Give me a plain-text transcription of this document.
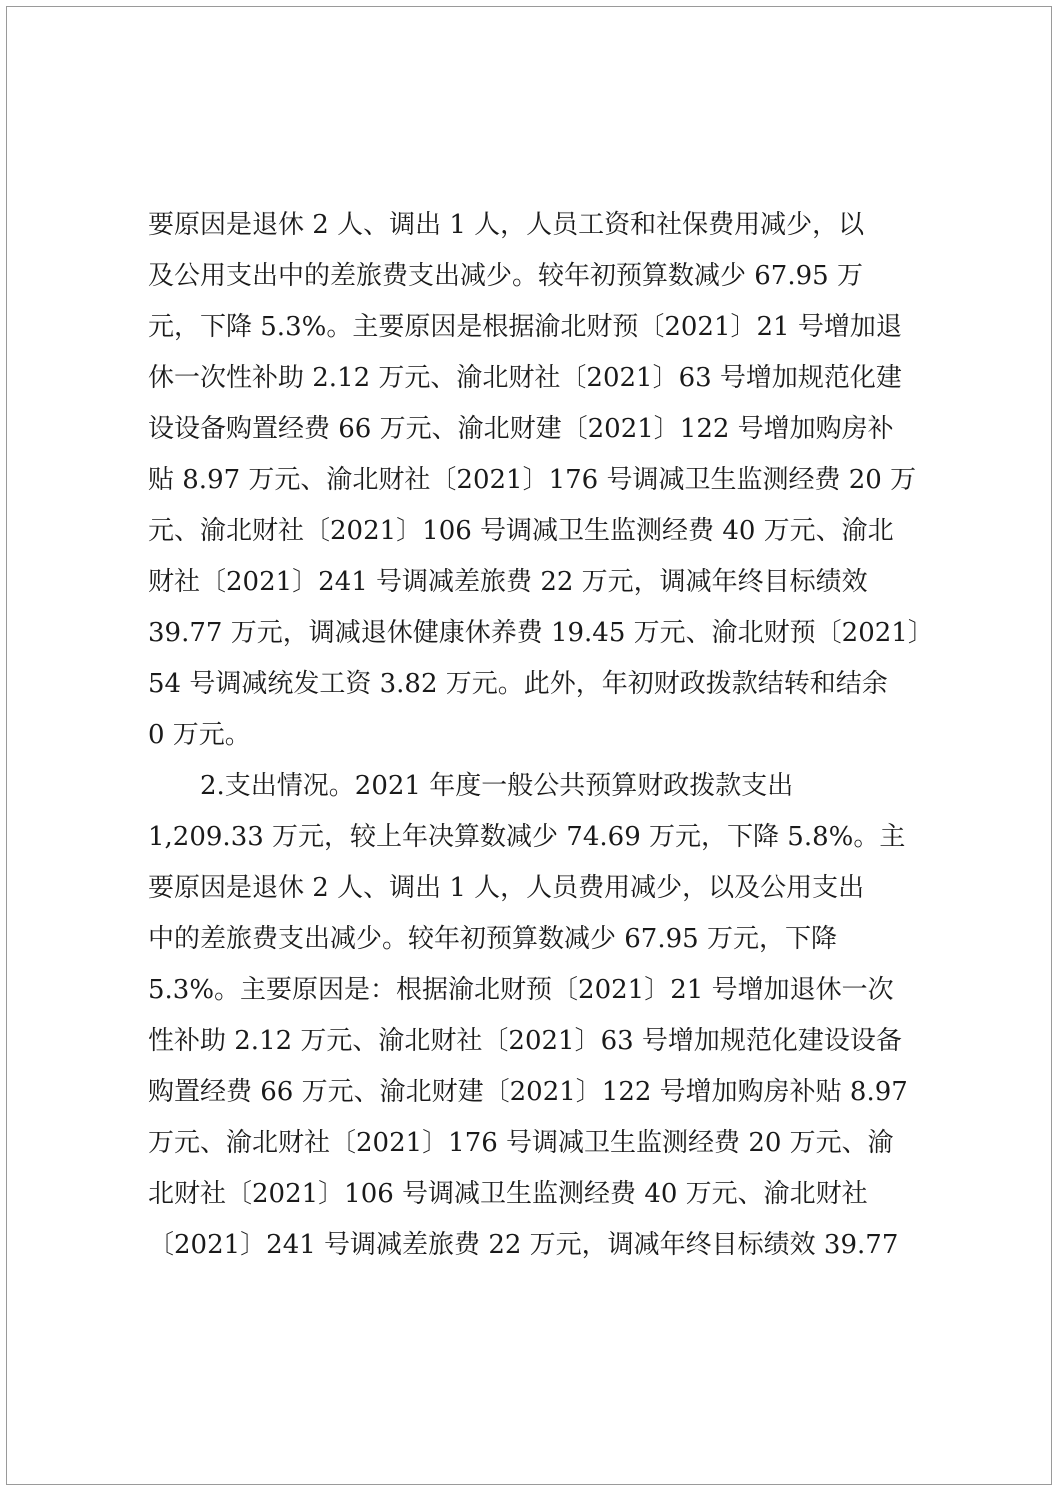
要原因是退休 2 人、调出 1 人，人员工资和社保费用减少，以
及公用支出中的差旅费支出减少。较年初预算数减少 67.95 万
元，下降 5.3%。主要原因是根据渝北财预〔2021〕21 号增加退
休一次性补助 2.12 万元、渝北财社〔2021〕63 号增加规范化建
设设备购置经费 66 万元、渝北财建〔2021〕122 号增加购房补
贴 8.97 万元、渝北财社〔2021〕176 号调减卫生监测经费 20 万
元、渝北财社〔2021〕106 号调减卫生监测经费 40 万元、渝北
财社〔2021〕241 号调减差旅费 22 万元，调减年终目标绩效
39.77 万元，调减退休健康休养费 19.45 万元、渝北财预〔2021〕
54 号调减统发工资 3.82 万元。此外，年初财政拨款结转和结余
0 万元。
　　2.支出情况。2021 年度一般公共预算财政拨款支出
1,209.33 万元，较上年决算数减少 74.69 万元，下降 5.8%。主
要原因是退休 2 人、调出 1 人，人员费用减少，以及公用支出
中的差旅费支出减少。较年初预算数减少 67.95 万元，下降
5.3%。主要原因是：根据渝北财预〔2021〕21 号增加退休一次
性补助 2.12 万元、渝北财社〔2021〕63 号增加规范化建设设备
购置经费 66 万元、渝北财建〔2021〕122 号增加购房补贴 8.97
万元、渝北财社〔2021〕176 号调减卫生监测经费 20 万元、渝
北财社〔2021〕106 号调减卫生监测经费 40 万元、渝北财社
〔2021〕241 号调减差旅费 22 万元，调减年终目标绩效 39.77
